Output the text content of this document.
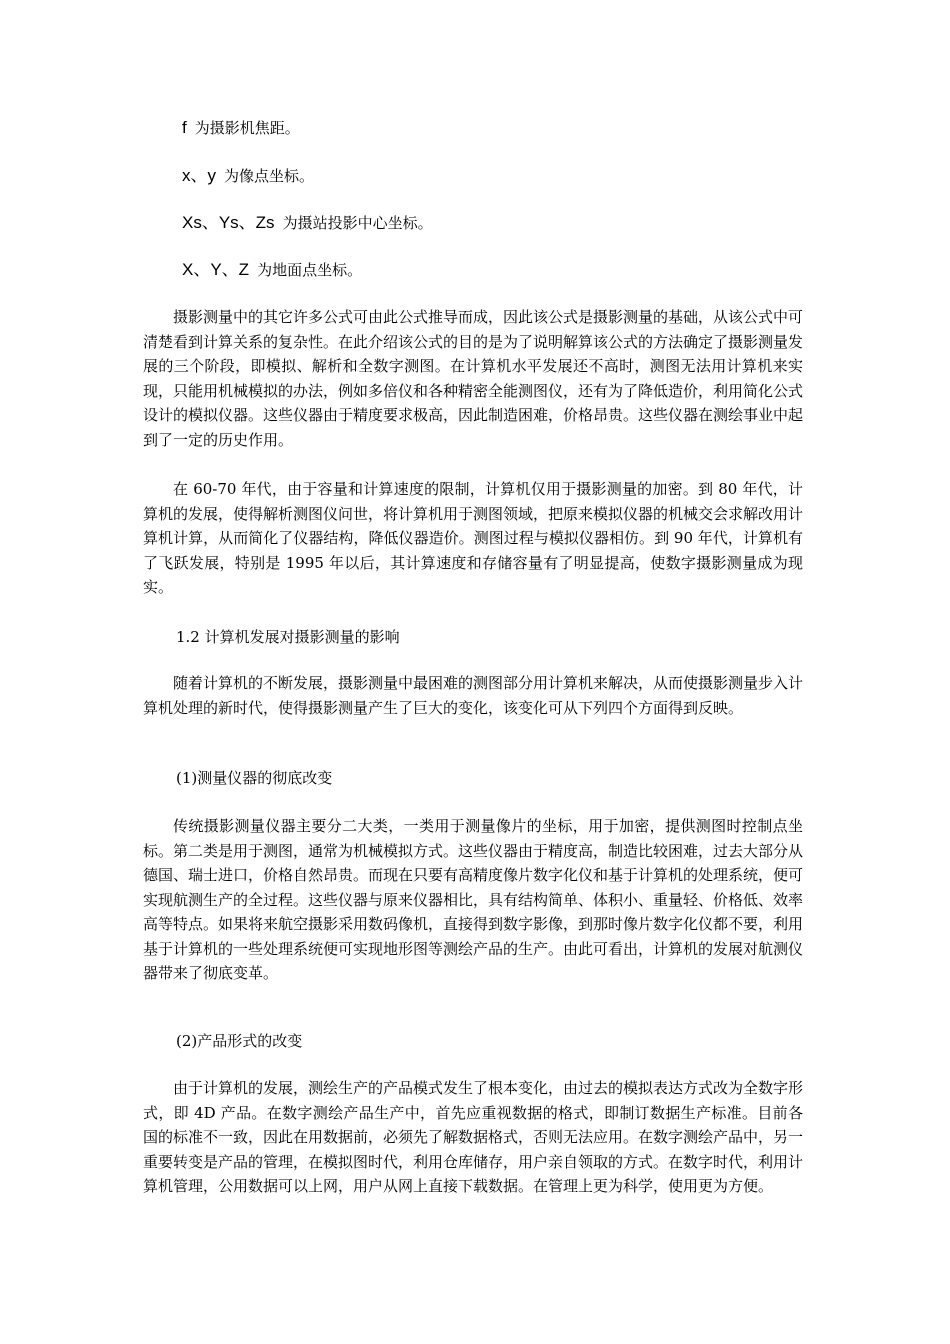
f 为摄影机焦距。
x、y 为像点坐标。
Xs、Ys、Zs 为摄站投影中心坐标。
X、Y、Z 为地面点坐标。

摄影测量中的其它许多公式可由此公式推导而成，因此该公式是摄影测量的基础，从该公式中可清楚看到计算关系的复杂性。在此介绍该公式的目的是为了说明解算该公式的方法确定了摄影测量发展的三个阶段，即模拟、解析和全数字测图。在计算机水平发展还不高时，测图无法用计算机来实现，只能用机械模拟的办法，例如多倍仪和各种精密全能测图仪，还有为了降低造价，利用简化公式设计的模拟仪器。这些仪器由于精度要求极高，因此制造困难，价格昂贵。这些仪器在测绘事业中起到了一定的历史作用。

在 60-70 年代，由于容量和计算速度的限制，计算机仅用于摄影测量的加密。到 80 年代，计算机的发展，使得解析测图仪问世，将计算机用于测图领域，把原来模拟仪器的机械交会求解改用计算机计算，从而简化了仪器结构，降低仪器造价。测图过程与模拟仪器相仿。到 90 年代，计算机有了飞跃发展，特别是 1995 年以后，其计算速度和存储容量有了明显提高，使数字摄影测量成为现实。

1.2 计算机发展对摄影测量的影响

随着计算机的不断发展，摄影测量中最困难的测图部分用计算机来解决，从而使摄影测量步入计算机处理的新时代，使得摄影测量产生了巨大的变化，该变化可从下列四个方面得到反映。

(1)测量仪器的彻底改变

传统摄影测量仪器主要分二大类，一类用于测量像片的坐标，用于加密，提供测图时控制点坐标。第二类是用于测图，通常为机械模拟方式。这些仪器由于精度高，制造比较困难，过去大部分从德国、瑞士进口，价格自然昂贵。而现在只要有高精度像片数字化仪和基于计算机的处理系统，便可实现航测生产的全过程。这些仪器与原来仪器相比，具有结构简单、体积小、重量轻、价格低、效率高等特点。如果将来航空摄影采用数码像机，直接得到数字影像，到那时像片数字化仪都不要，利用基于计算机的一些处理系统便可实现地形图等测绘产品的生产。由此可看出，计算机的发展对航测仪器带来了彻底变革。

(2)产品形式的改变

由于计算机的发展，测绘生产的产品模式发生了根本变化，由过去的模拟表达方式改为全数字形式，即 4D 产品。在数字测绘产品生产中，首先应重视数据的格式，即制订数据生产标准。目前各国的标准不一致，因此在用数据前，必须先了解数据格式，否则无法应用。在数字测绘产品中，另一重要转变是产品的管理，在模拟图时代，利用仓库储存，用户亲自领取的方式。在数字时代，利用计算机管理，公用数据可以上网，用户从网上直接下载数据。在管理上更为科学，使用更为方便。
